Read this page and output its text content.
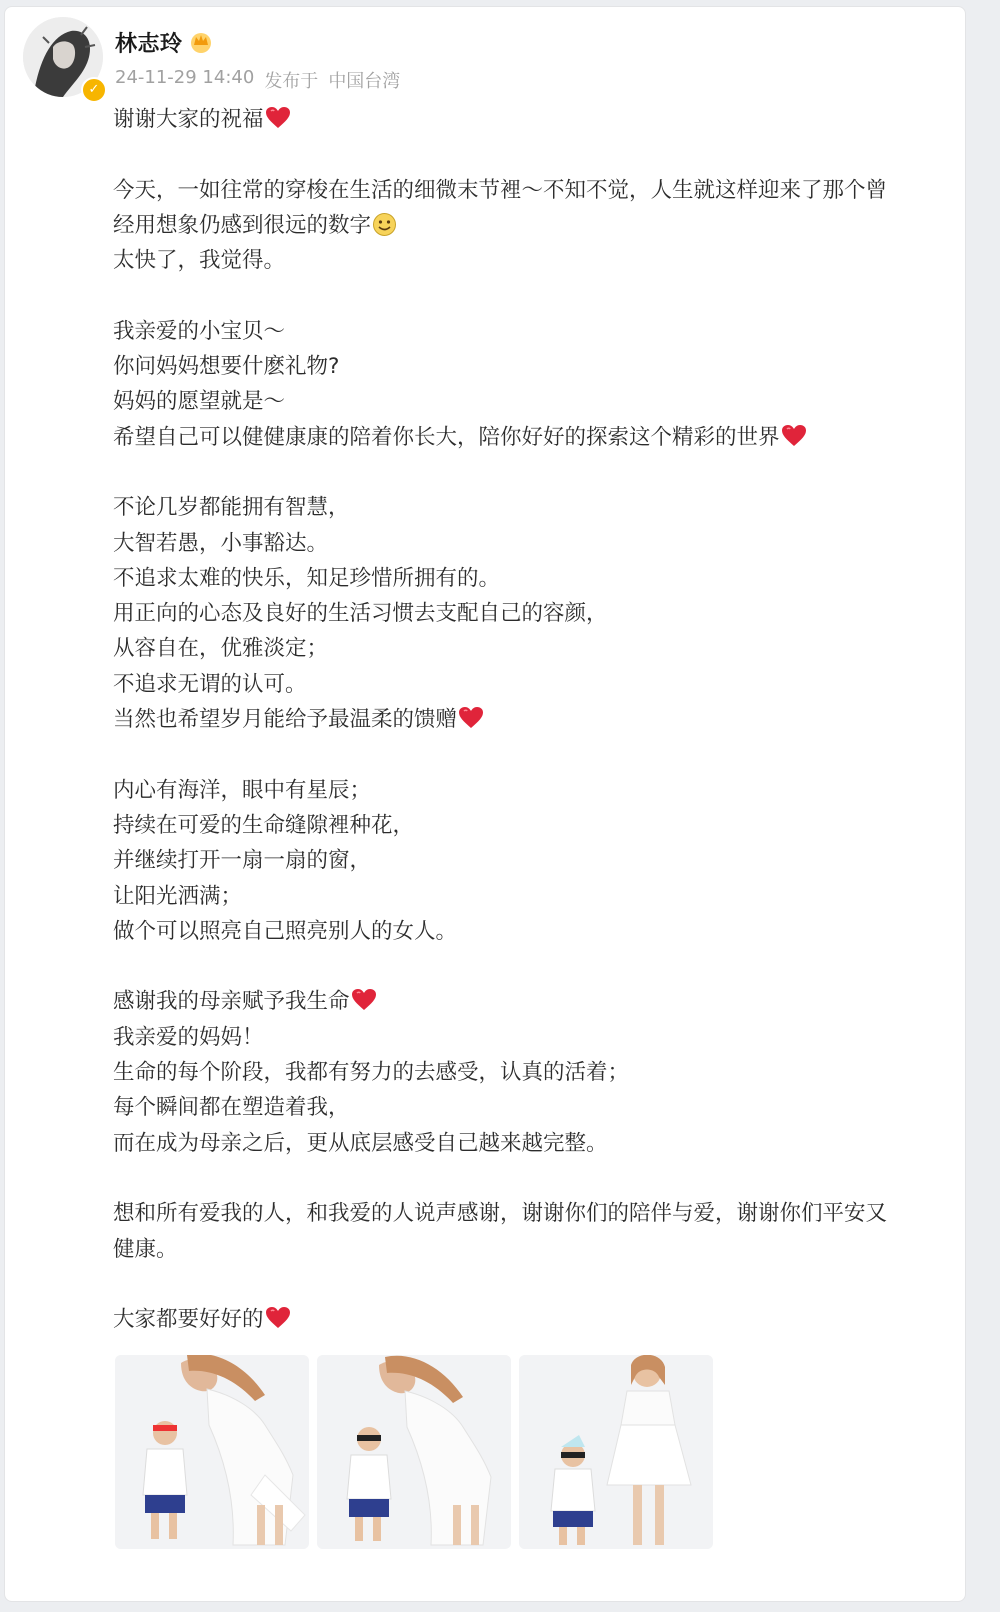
✓
林志玲
24-11-29 14:40 发布于 中国台湾
谢谢大家的祝福
今天，一如往常的穿梭在生活的细微末节裡～不知不觉，人生就这样迎来了那个曾
经用想象仍感到很远的数字
太快了，我觉得。
我亲爱的小宝贝～
你问妈妈想要什麽礼物?
妈妈的愿望就是～
希望自己可以健健康康的陪着你长大，陪你好好的探索这个精彩的世界
不论几岁都能拥有智慧，
大智若愚，小事豁达。
不追求太难的快乐，知足珍惜所拥有的。
用正向的心态及良好的生活习惯去支配自己的容颜，
从容自在，优雅淡定；
不追求无谓的认可。
当然也希望岁月能给予最温柔的馈赠
内心有海洋，眼中有星辰；
持续在可爱的生命缝隙裡种花，
并继续打开一扇一扇的窗，
让阳光洒满；
做个可以照亮自己照亮别人的女人。
感谢我的母亲赋予我生命
我亲爱的妈妈！
生命的每个阶段，我都有努力的去感受，认真的活着；
每个瞬间都在塑造着我，
而在成为母亲之后，更从底层感受自己越来越完整。
想和所有爱我的人，和我爱的人说声感谢，谢谢你们的陪伴与爱，谢谢你们平安又
健康。
大家都要好好的
